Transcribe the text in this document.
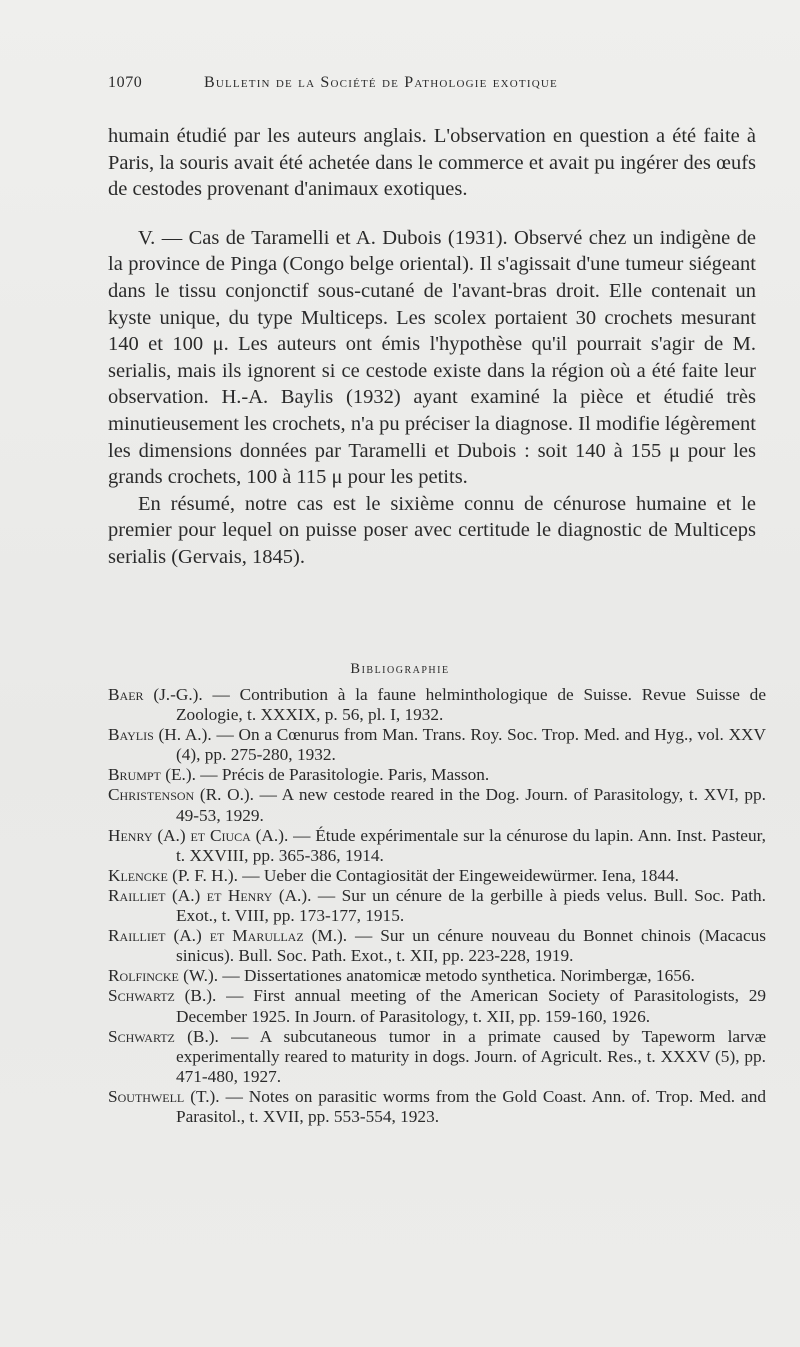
1070	Bulletin de la Société de Pathologie exotique

humain étudié par les auteurs anglais. L'observation en question a été faite à Paris, la souris avait été achetée dans le commerce et avait pu ingérer des œufs de cestodes provenant d'animaux exotiques.

V. — Cas de Taramelli et A. Dubois (1931). Observé chez un indigène de la province de Pinga (Congo belge oriental). Il s'agissait d'une tumeur siégeant dans le tissu conjonctif sous-cutané de l'avant-bras droit. Elle contenait un kyste unique, du type Multiceps. Les scolex portaient 30 crochets mesurant 140 et 100 μ. Les auteurs ont émis l'hypothèse qu'il pourrait s'agir de M. serialis, mais ils ignorent si ce cestode existe dans la région où a été faite leur observation. H.-A. Baylis (1932) ayant examiné la pièce et étudié très minutieusement les crochets, n'a pu préciser la diagnose. Il modifie légèrement les dimensions données par Taramelli et Dubois : soit 140 à 155 μ pour les grands crochets, 100 à 115 μ pour les petits.

En résumé, notre cas est le sixième connu de cénurose humaine et le premier pour lequel on puisse poser avec certitude le diagnostic de Multiceps serialis (Gervais, 1845).

Bibliographie
Baer (J.-G.). — Contribution à la faune helminthologique de Suisse. Revue Suisse de Zoologie, t. XXXIX, p. 56, pl. I, 1932.
Baylis (H. A.). — On a Cœnurus from Man. Trans. Roy. Soc. Trop. Med. and Hyg., vol. XXV (4), pp. 275-280, 1932.
Brumpt (E.). — Précis de Parasitologie. Paris, Masson.
Christenson (R. O.). — A new cestode reared in the Dog. Journ. of Parasitology, t. XVI, pp. 49-53, 1929.
Henry (A.) et Ciuca (A.). — Étude expérimentale sur la cénurose du lapin. Ann. Inst. Pasteur, t. XXVIII, pp. 365-386, 1914.
Klencke (P. F. H.). — Ueber die Contagiosität der Eingeweidewürmer. Iena, 1844.
Railliet (A.) et Henry (A.). — Sur un cénure de la gerbille à pieds velus. Bull. Soc. Path. Exot., t. VIII, pp. 173-177, 1915.
Railliet (A.) et Marullaz (M.). — Sur un cénure nouveau du Bonnet chinois (Macacus sinicus). Bull. Soc. Path. Exot., t. XII, pp. 223-228, 1919.
Rolfincke (W.). — Dissertationes anatomicæ metodo synthetica. Norimbergæ, 1656.
Schwartz (B.). — First annual meeting of the American Society of Parasitologists, 29 December 1925. In Journ. of Parasitology, t. XII, pp. 159-160, 1926.
Schwartz (B.). — A subcutaneous tumor in a primate caused by Tapeworm larvæ experimentally reared to maturity in dogs. Journ. of Agricult. Res., t. XXXV (5), pp. 471-480, 1927.
Southwell (T.). — Notes on parasitic worms from the Gold Coast. Ann. of. Trop. Med. and Parasitol., t. XVII, pp. 553-554, 1923.
